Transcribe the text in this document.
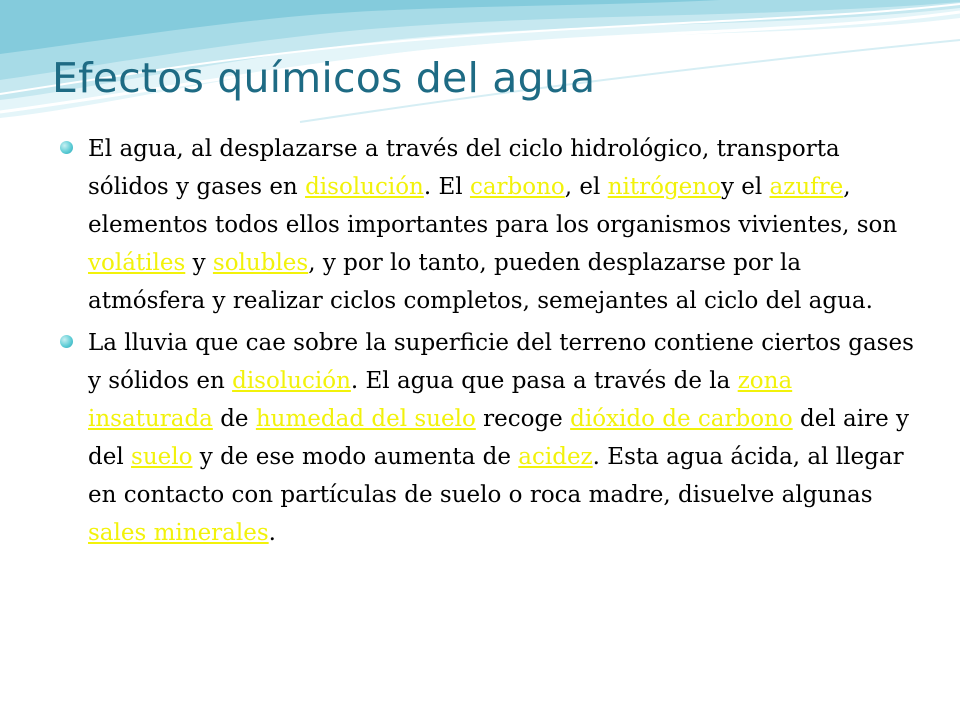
Efectos químicos del agua
El agua, al desplazarse a través del ciclo hidrológico, transporta sólidos y gases en disolución. El carbono, el nitrógenoy el azufre, elementos todos ellos importantes para los organismos vivientes, son volátiles y solubles, y por lo tanto, pueden desplazarse por la atmósfera y realizar ciclos completos, semejantes al ciclo del agua.
La lluvia que cae sobre la superficie del terreno contiene ciertos gases y sólidos en disolución. El agua que pasa a través de la zona insaturada de humedad del suelo recoge dióxido de carbono del aire y del suelo y de ese modo aumenta de acidez. Esta agua ácida, al llegar en contacto con partículas de suelo o roca madre, disuelve algunas sales minerales.
